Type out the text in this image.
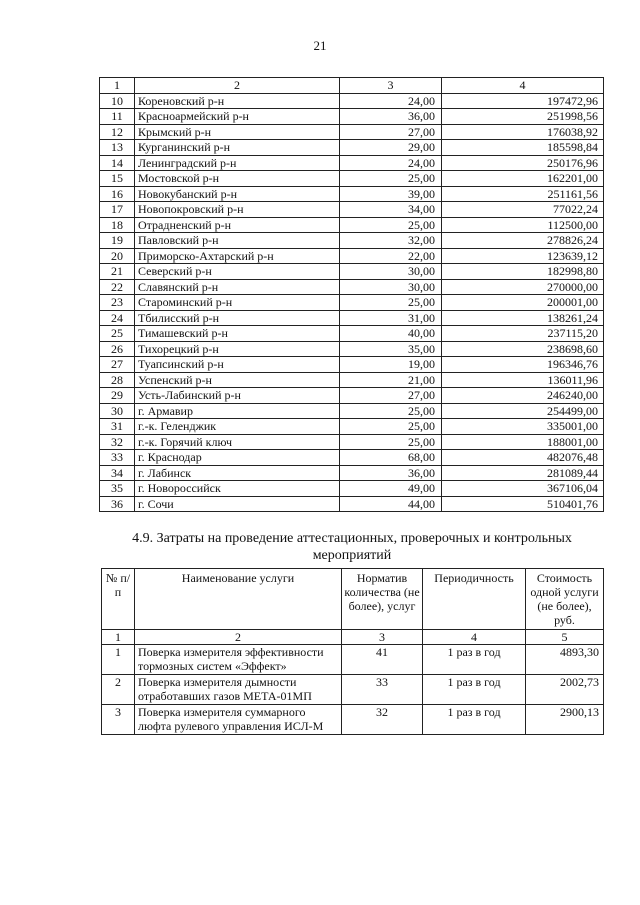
21
1	2	3	4
10	Кореновский р-н	24,00	197472,96
11	Красноармейский р-н	36,00	251998,56
12	Крымский р-н	27,00	176038,92
13	Курганинский р-н	29,00	185598,84
14	Ленинградский р-н	24,00	250176,96
15	Мостовской р-н	25,00	162201,00
16	Новокубанский р-н	39,00	251161,56
17	Новопокровский р-н	34,00	77022,24
18	Отрадненский р-н	25,00	112500,00
19	Павловский р-н	32,00	278826,24
20	Приморско-Ахтарский р-н	22,00	123639,12
21	Северский р-н	30,00	182998,80
22	Славянский р-н	30,00	270000,00
23	Староминский р-н	25,00	200001,00
24	Тбилисский р-н	31,00	138261,24
25	Тимашевский р-н	40,00	237115,20
26	Тихорецкий р-н	35,00	238698,60
27	Туапсинский р-н	19,00	196346,76
28	Успенский р-н	21,00	136011,96
29	Усть-Лабинский р-н	27,00	246240,00
30	г. Армавир	25,00	254499,00
31	г.-к. Геленджик	25,00	335001,00
32	г.-к. Горячий ключ	25,00	188001,00
33	г. Краснодар	68,00	482076,48
34	г. Лабинск	36,00	281089,44
35	г. Новороссийск	49,00	367106,04
36	г. Сочи	44,00	510401,76
4.9. Затраты на проведение аттестационных, проверочных и контрольных мероприятий
№ п/п	Наименование услуги	Норматив количества (не более), услуг	Периодичность	Стоимость одной услуги (не более), руб.
1	2	3	4	5
1	Поверка измерителя эффективности тормозных систем «Эффект»	41	1 раз в год	4893,30
2	Поверка измерителя дымности отработавших газов МЕТА-01МП	33	1 раз в год	2002,73
3	Поверка измерителя суммарного люфта рулевого управления ИСЛ-М	32	1 раз в год	2900,13
